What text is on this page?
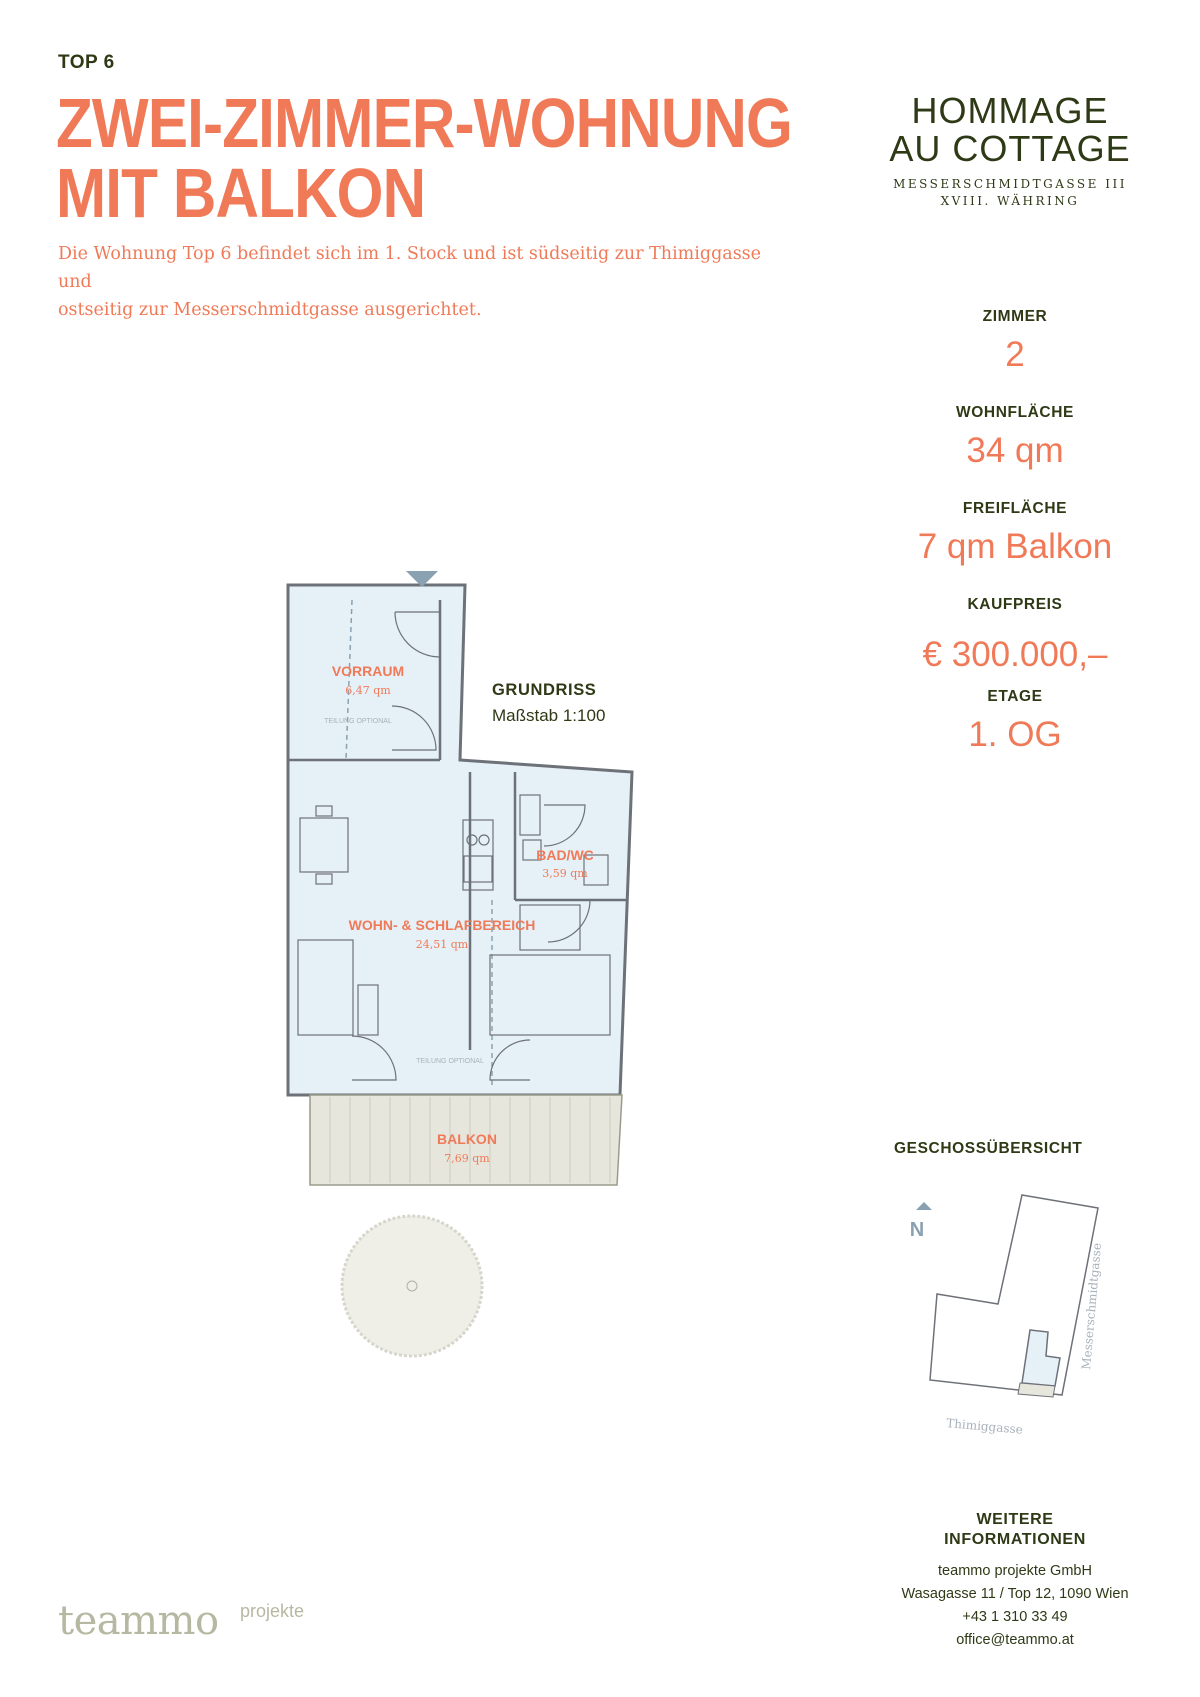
TOP 6
ZWEI-ZIMMER-WOHNUNG
MIT BALKON
Die Wohnung Top 6 befindet sich im 1. Stock und ist südseitig zur Thimiggasse und
ostseitig zur Messerschmidtgasse ausgerichtet.
HOMMAGE
AU COTTAGE
MESSERSCHMIDTGASSE III
XVIII. WÄHRING
ZIMMER
2
WOHNFLÄCHE
34 qm
FREIFLÄCHE
7 qm Balkon
KAUFPREIS
€ 300.000,–
ETAGE
1. OG
VORRAUM
6,47 qm
TEILUNG OPTIONAL
BAD/WC
3,59 qm
WOHN- & SCHLAFBEREICH
24,51 qm
TEILUNG OPTIONAL
BALKON
7,69 qm
N
Messerschmidtgasse
Thimiggasse
GRUNDRISS
Maßstab 1:100
GESCHOSSÜBERSICHT
WEITERE
INFORMATIONEN
teammo projekte GmbH
Wasagasse 11 / Top 12, 1090 Wien
+43 1 310 33 49
office@teammo.at
teammo projekte
